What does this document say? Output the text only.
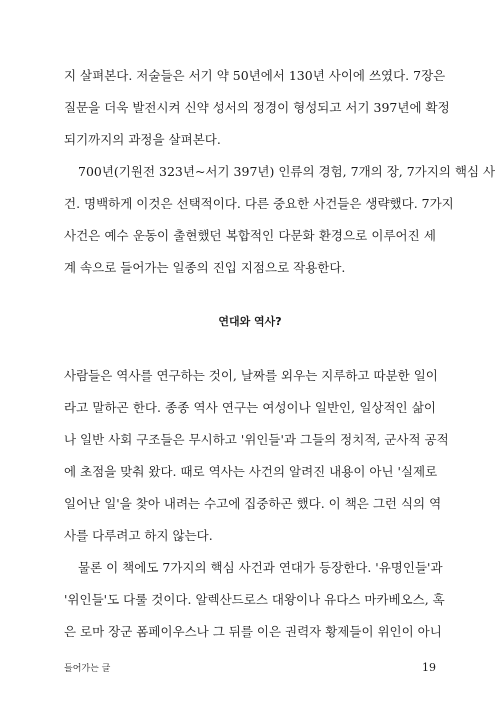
지 살펴본다. 저술들은 서기 약 50년에서 130년 사이에 쓰였다. 7장은
질문을 더욱 발전시켜 신약 성서의 정경이 형성되고 서기 397년에 확정
되기까지의 과정을 살펴본다.
700년(기원전 323년~서기 397년) 인류의 경험, 7개의 장, 7가지의 핵심 사
건. 명백하게 이것은 선택적이다. 다른 중요한 사건들은 생략했다. 7가지
사건은 예수 운동이 출현했던 복합적인 다문화 환경으로 이루어진 세
계 속으로 들어가는 일종의 진입 지점으로 작용한다.
연대와 역사?
사람들은 역사를 연구하는 것이, 날짜를 외우는 지루하고 따분한 일이
라고 말하곤 한다. 종종 역사 연구는 여성이나 일반인, 일상적인 삶이
나 일반 사회 구조들은 무시하고 '위인들'과 그들의 정치적, 군사적 공적
에 초점을 맞춰 왔다. 때로 역사는 사건의 알려진 내용이 아닌 '실제로
일어난 일'을 찾아 내려는 수고에 집중하곤 했다. 이 책은 그런 식의 역
사를 다루려고 하지 않는다.
물론 이 책에도 7가지의 핵심 사건과 연대가 등장한다. '유명인들'과
'위인들'도 다룰 것이다. 알렉산드로스 대왕이나 유다스 마카베오스, 혹
은 로마 장군 폼페이우스나 그 뒤를 이은 권력자 황제들이 위인이 아니
들어가는 글	19
